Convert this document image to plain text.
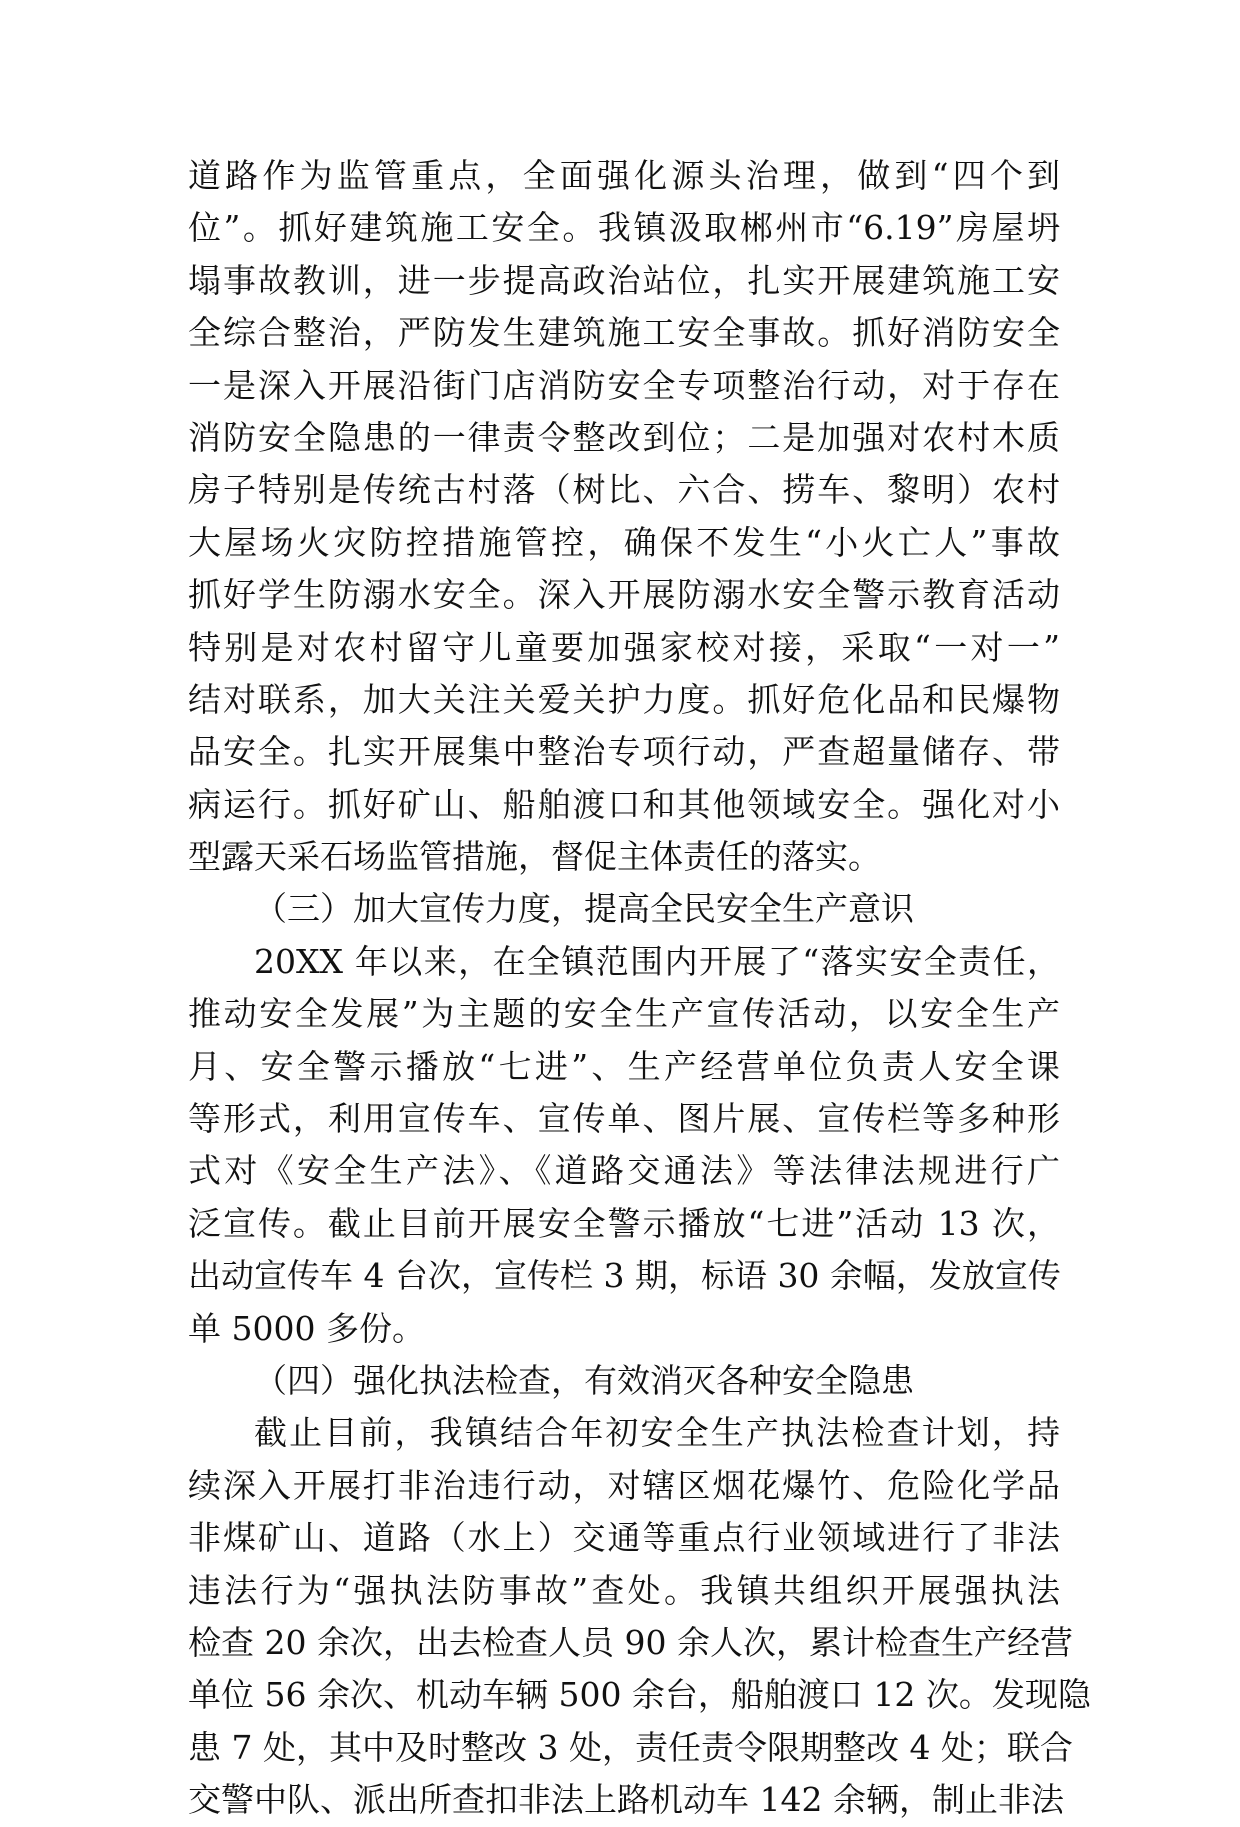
道路作为监管重点，全面强化源头治理，做到“四个到
位”。抓好建筑施工安全。我镇汲取郴州市“6.19”房屋坍
塌事故教训，进一步提高政治站位，扎实开展建筑施工安
全综合整治，严防发生建筑施工安全事故。抓好消防安全
一是深入开展沿街门店消防安全专项整治行动，对于存在
消防安全隐患的一律责令整改到位；二是加强对农村木质
房子特别是传统古村落（树比、六合、捞车、黎明）农村
大屋场火灾防控措施管控，确保不发生“小火亡人”事故
抓好学生防溺水安全。深入开展防溺水安全警示教育活动
特别是对农村留守儿童要加强家校对接，采取“一对一”
结对联系，加大关注关爱关护力度。抓好危化品和民爆物
品安全。扎实开展集中整治专项行动，严查超量储存、带
病运行。抓好矿山、船舶渡口和其他领域安全。强化对小
型露天采石场监管措施，督促主体责任的落实。
（三）加大宣传力度，提高全民安全生产意识
20XX 年以来，在全镇范围内开展了“落实安全责任，
推动安全发展”为主题的安全生产宣传活动，以安全生产
月、安全警示播放“七进”、生产经营单位负责人安全课
等形式，利用宣传车、宣传单、图片展、宣传栏等多种形
式对《安全生产法》、《道路交通法》等法律法规进行广
泛宣传。截止目前开展安全警示播放“七进”活动 13 次，
出动宣传车 4 台次，宣传栏 3 期，标语 30 余幅，发放宣传
单 5000 多份。
（四）强化执法检查，有效消灭各种安全隐患
截止目前，我镇结合年初安全生产执法检查计划，持
续深入开展打非治违行动，对辖区烟花爆竹、危险化学品
非煤矿山、道路（水上）交通等重点行业领域进行了非法
违法行为“强执法防事故”查处。我镇共组织开展强执法
检查 20 余次，出去检查人员 90 余人次，累计检查生产经营
单位 56 余次、机动车辆 500 余台，船舶渡口 12 次。发现隐
患 7 处，其中及时整改 3 处，责任责令限期整改 4 处；联合
交警中队、派出所查扣非法上路机动车 142 余辆，制止非法
